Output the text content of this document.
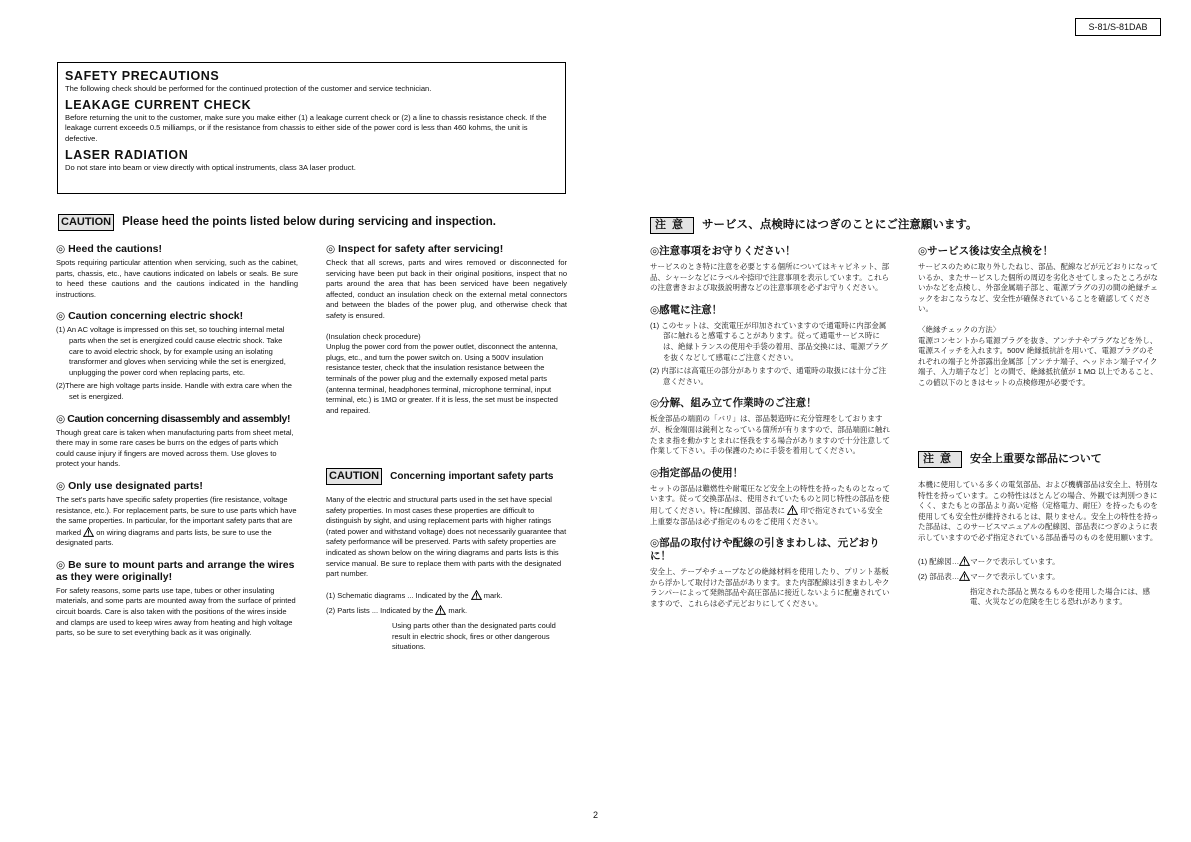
S-81/S-81DAB
SAFETY PRECAUTIONS

The following check should be performed for the continued protection of the customer and service technician.

LEAKAGE CURRENT CHECK

Before returning the unit to the customer, make sure you make either (1) a leakage current check or (2) a line to chassis resistance check. If the leakage current exceeds 0.5 milliamps, or if the resistance from chassis to either side of the power cord is less than 460 kohms, the unit is defective.

LASER RADIATION

Do not stare into beam or view directly with optical instruments, class 3A laser product.

CAUTION Please heed the points listed below during servicing and inspection.
◎ Heed the cautions!

Spots requiring particular attention when servicing, such as the cabinet, parts, chassis, etc., have cautions indicated on labels or seals. Be sure to heed these cautions and the cautions indicated in the handling instructions.

◎ Caution concerning electric shock!
(1) An AC voltage is impressed on this set, so touching internal metal parts when the set is energized could cause electric shock. Take care to avoid electric shock, by for example using an isolating transformer and gloves when servicing while the set is energized, unplugging the power cord when replacing parts, etc.
(2)There are high voltage parts inside. Handle with extra care when the set is energized.
◎ Caution concerning disassembly and assembly!

Though great care is taken when manufacturing parts from sheet metal, there may in some rare cases be burrs on the edges of parts which could cause injury if fingers are moved across them. Use gloves to protect your hands.

◎ Only use designated parts!

The set's parts have specific safety properties (fire resistance, voltage resistance, etc.). For replacement parts, be sure to use parts which have the same properties. In particular, for the important safety parts that are marked on wiring diagrams and parts lists, be sure to use the designated parts.

◎ Be sure to mount parts and arrange the wires as they were originally!

For safety reasons, some parts use tape, tubes or other insulating materials, and some parts are mounted away from the surface of printed circuit boards. Care is also taken with the positions of the wires inside and clamps are used to keep wires away from heating and high voltage parts, so be sure to set everything back as it was originally.

◎ Inspect for safety after servicing!

Check that all screws, parts and wires removed or disconnected for servicing have been put back in their original positions, inspect that no parts around the area that has been serviced have been negatively affected, conduct an insulation check on the external metal connectors and between the blades of the power plug, and otherwise check that safety is ensured.

(Insulation check procedure)

Unplug the power cord from the power outlet, disconnect the antenna, plugs, etc., and turn the power switch on. Using a 500V insulation resistance tester, check that the insulation resistance between the terminals of the power plug and the externally exposed metal parts (antenna terminal, headphones terminal, microphone terminal, input terminal, etc.) is 1MΩ or greater. If it is less, the set must be inspected and repaired.

CAUTION Concerning important safety parts

Many of the electric and structural parts used in the set have special safety properties. In most cases these properties are difficult to distinguish by sight, and using replacement parts with higher ratings (rated power and withstand voltage) does not necessarily guarantee that safety performance will be preserved. Parts with safety properties are indicated as shown below on the wiring diagrams and parts lists is this service manual. Be sure to replace them with parts with the designated part number.

(1) Schematic diagrams ... Indicated by the mark.

(2) Parts lists ... Indicated by the mark.

Using parts other than the designated parts could result in electric shock, fires or other dangerous situations.

注意 サービス、点検時にはつぎのことにご注意願います。
◎注意事項をお守りください！

サービスのとき特に注意を必要とする個所についてはキャビネット、部品、シャーシなどにラベルや捺印で注意事項を表示しています。これらの注意書きおよび取扱説明書などの注意事項を必ずお守りください。

◎感電に注意！
(1) このセットは、交流電圧が印加されていますので通電時に内部金属部に触れると感電することがあります。従って通電サービス時には、絶縁トランスの使用や手袋の着用、部品交換には、電源プラグを抜くなどして感電にご注意ください。
(2) 内部には高電圧の部分がありますので、通電時の取扱には十分ご注意ください。
◎分解、組み立て作業時のご注意！

板金部品の端面の「バリ」は、部品製造時に充分管理をしておりますが、板金端面は鋭利となっている箇所が有りますので、部品端面に触れたまま指を動かすとまれに怪我をする場合がありますので十分注意して作業して下さい。手の保護のために手袋を着用してください。

◎指定部品の使用！

セットの部品は難燃性や耐電圧など安全上の特性を持ったものとなっています。従って交換部品は、使用されていたものと同じ特性の部品を使用してください。特に配線図、部品表に 印で指定されている安全上重要な部品は必ず指定のものをご使用ください。

◎部品の取付けや配線の引きまわしは、元どおりに！

安全上、テープやチューブなどの絶縁材料を使用したり、プリント基板から浮かして取付けた部品があります。また内部配線は引きまわしやクランパーによって発熱部品や高圧部品に接近しないように配慮されていますので、これらは必ず元どおりにしてください。

◎サービス後は安全点検を！

サービスのために取り外したねじ、部品、配線などが元どおりになっているか、またサービスした個所の周辺を劣化させてしまったところがないかなどを点検し、外部金属端子部と、電源プラグの刃の間の絶縁チェックをおこなうなど、安全性が確保されていることを確認してください。

〈絶縁チェックの方法〉

電源コンセントから電源プラグを抜き、アンテナやプラグなどを外し、電源スイッチを入れます。500V 絶縁抵抗計を用いて、電源プラグのそれぞれの端子と外部露出金属部［アンテナ端子、ヘッドホン端子マイク端子、入力端子など］との間で、絶縁抵抗値が 1 MΩ 以上であること、この値以下のときはセットの点検修理が必要です。

注意 安全上重要な部品について

本機に使用している多くの電気部品、および機構部品は安全上、特別な特性を持っています。この特性はほとんどの場合、外観では判別つきにくく、またもとの部品より高い定格（定格電力、耐圧）を持ったものを使用しても安全性が維持されるとは、限りません。安全上の特性を持った部品は、このサービスマニュアルの配線図、部品表につぎのように表示していますので必ず指定されている部品番号のものを使用願います。

(1) 配線図… マークで表示しています。

(2) 部品表… マークで表示しています。

指定された部品と異なるものを使用した場合には、感電、火災などの危険を生じる恐れがあります。

2
